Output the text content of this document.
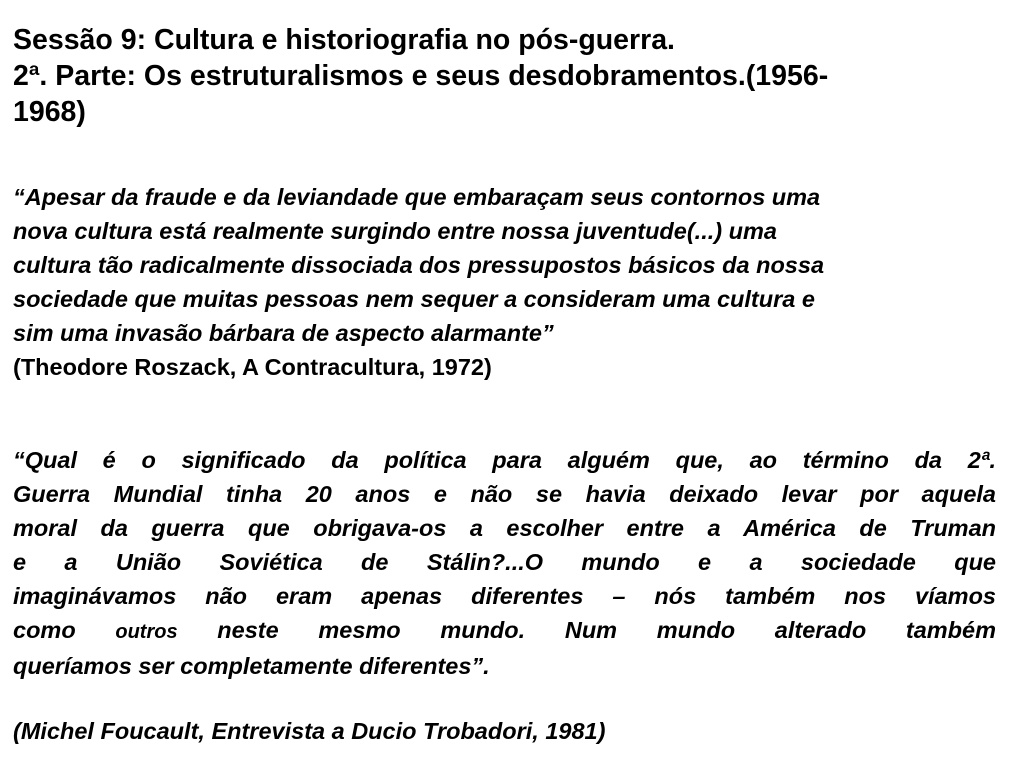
Sessão 9: Cultura e historiografia no pós-guerra.
2ª. Parte: Os estruturalismos e seus desdobramentos.(1956-
1968)
“Apesar da fraude e da leviandade que embaraçam seus contornos uma
nova cultura está realmente surgindo entre nossa juventude(...) uma
cultura tão radicalmente dissociada dos pressupostos básicos da nossa
sociedade que muitas pessoas nem sequer a consideram uma cultura e
sim uma invasão bárbara de aspecto alarmante”
(Theodore Roszack, A Contracultura, 1972)
“Qual é o significado da política para alguém que, ao término da 2ª.
Guerra Mundial tinha 20 anos e não se havia deixado levar por aquela
moral da guerra que obrigava-os a escolher entre a América de Truman
e a União Soviética de Stálin?...O mundo e a sociedade que
imaginávamos não eram apenas diferentes – nós também nos víamos
como outros neste mesmo mundo. Num mundo alterado também
queríamos ser completamente diferentes”.
(Michel Foucault, Entrevista a Ducio Trobadori, 1981)
